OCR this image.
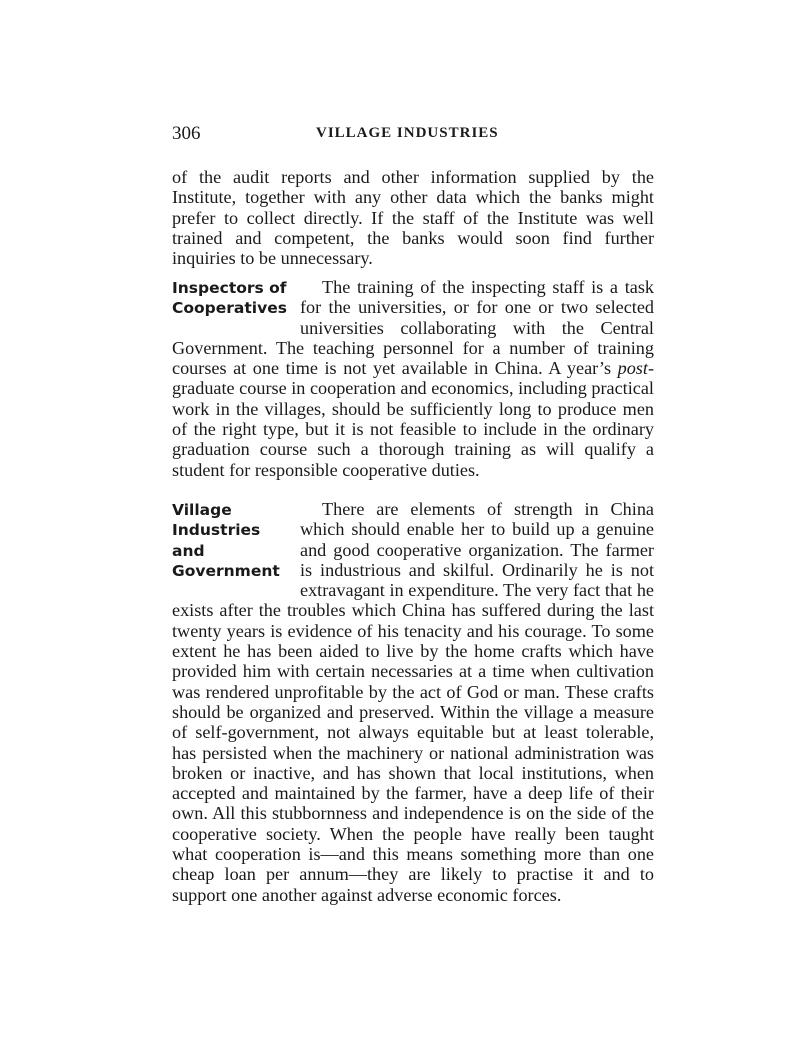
306	VILLAGE INDUSTRIES

of the audit reports and other information supplied by the Institute, together with any other data which the banks might prefer to collect directly. If the staff of the Institute was well trained and competent, the banks would soon find further inquiries to be unnecessary.

Inspectors of
Cooperatives

The training of the inspecting staff is a task for the universities, or for one or two selected universities collaborating with the Central Government. The teaching personnel for a number of training courses at one time is not yet available in China. A year’s post-graduate course in cooperation and economics, including practical work in the villages, should be sufficiently long to produce men of the right type, but it is not feasible to include in the ordinary graduation course such a thorough training as will qualify a student for responsible cooperative duties.

Village
Industries
and
Government

There are elements of strength in China which should enable her to build up a genuine and good cooperative organization. The farmer is industrious and skilful. Ordinarily he is not extravagant in expenditure. The very fact that he exists after the troubles which China has suffered during the last twenty years is evidence of his tenacity and his courage. To some extent he has been aided to live by the home crafts which have provided him with certain necessaries at a time when cultivation was rendered unprofitable by the act of God or man. These crafts should be organized and preserved. Within the village a measure of self-government, not always equitable but at least tolerable, has persisted when the machinery or national administration was broken or inactive, and has shown that local institutions, when accepted and maintained by the farmer, have a deep life of their own. All this stubbornness and independence is on the side of the cooperative society. When the people have really been taught what cooperation is—and this means something more than one cheap loan per annum—they are likely to practise it and to support one another against adverse economic forces.
